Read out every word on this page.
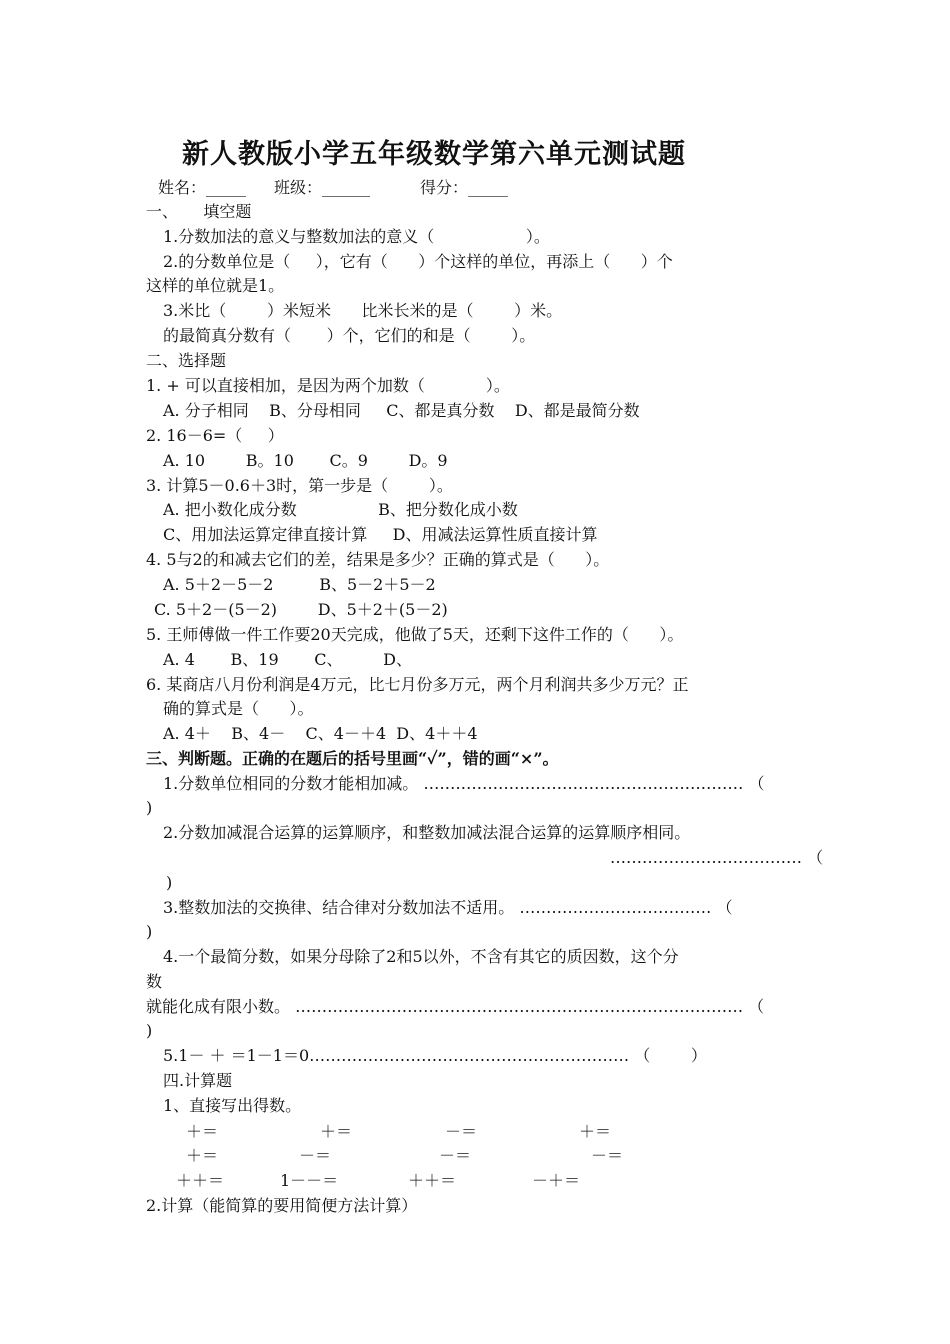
新人教版小学五年级数学第六单元测试题
姓名：_____ 班级：______	得分：_____
一、     填空题
1.分数加法的意义与整数加法的意义（                  ）。
2.的分数单位是（     ），它有（      ）个这样的单位，再添上（      ）个
这样的单位就是1。
3.米比（        ）米短米      比米长米的是（        ）米。
的最简真分数有（       ）个，它们的和是（        ）。
二、选择题
1. + 可以直接相加，是因为两个加数（            ）。
A. 分子相同    B、分母相同     C、都是真分数    D、都是最简分数
2. 16－6=（     ）
A. 10        B。10       C。9        D。9
3. 计算5－0.6＋3时，第一步是（        ）。
A. 把小数化成分数                B、把分数化成小数
C、用加法运算定律直接计算     D、用减法运算性质直接计算
4. 5与2的和减去它们的差，结果是多少？正确的算式是（      ）。
A. 5＋2－5－2         B、5－2＋5－2
C. 5＋2－(5－2)        D、5＋2＋(5－2)
5. 王师傅做一件工作要20天完成，他做了5天，还剩下这件工作的（      ）。
A. 4       B、19       C、        D、
6. 某商店八月份利润是4万元，比七月份多万元，两个月利润共多少万元？正
确的算式是（      ）。
A. 4＋    B、4－    C、4－＋4  D、4＋＋4
三、判断题。正确的在题后的括号里画“✓”，错的画“×”。
1.分数单位相同的分数才能相加减。 …………………………………………………… （
)
2.分数加减混合运算的运算顺序，和整数加减法混合运算的运算顺序相同。
……………………………… （
)
3.整数加法的交换律、结合律对分数加法不适用。 ……………………………… （
)
4.一个最简分数，如果分母除了2和5以外，不含有其它的质因数，这个分
数
就能化成有限小数。 ………………………………………………………………………… （
)
5.1－ ＋ ＝1－1＝0…………………………………………………… （        ）
四.计算题
1、直接写出得数。
＋＝	＋＝	－＝	＋＝
＋＝	－＝	－＝	－＝
＋＋＝	1－－＝	＋＋＝	－＋＝
2.计算（能简算的要用简便方法计算）
